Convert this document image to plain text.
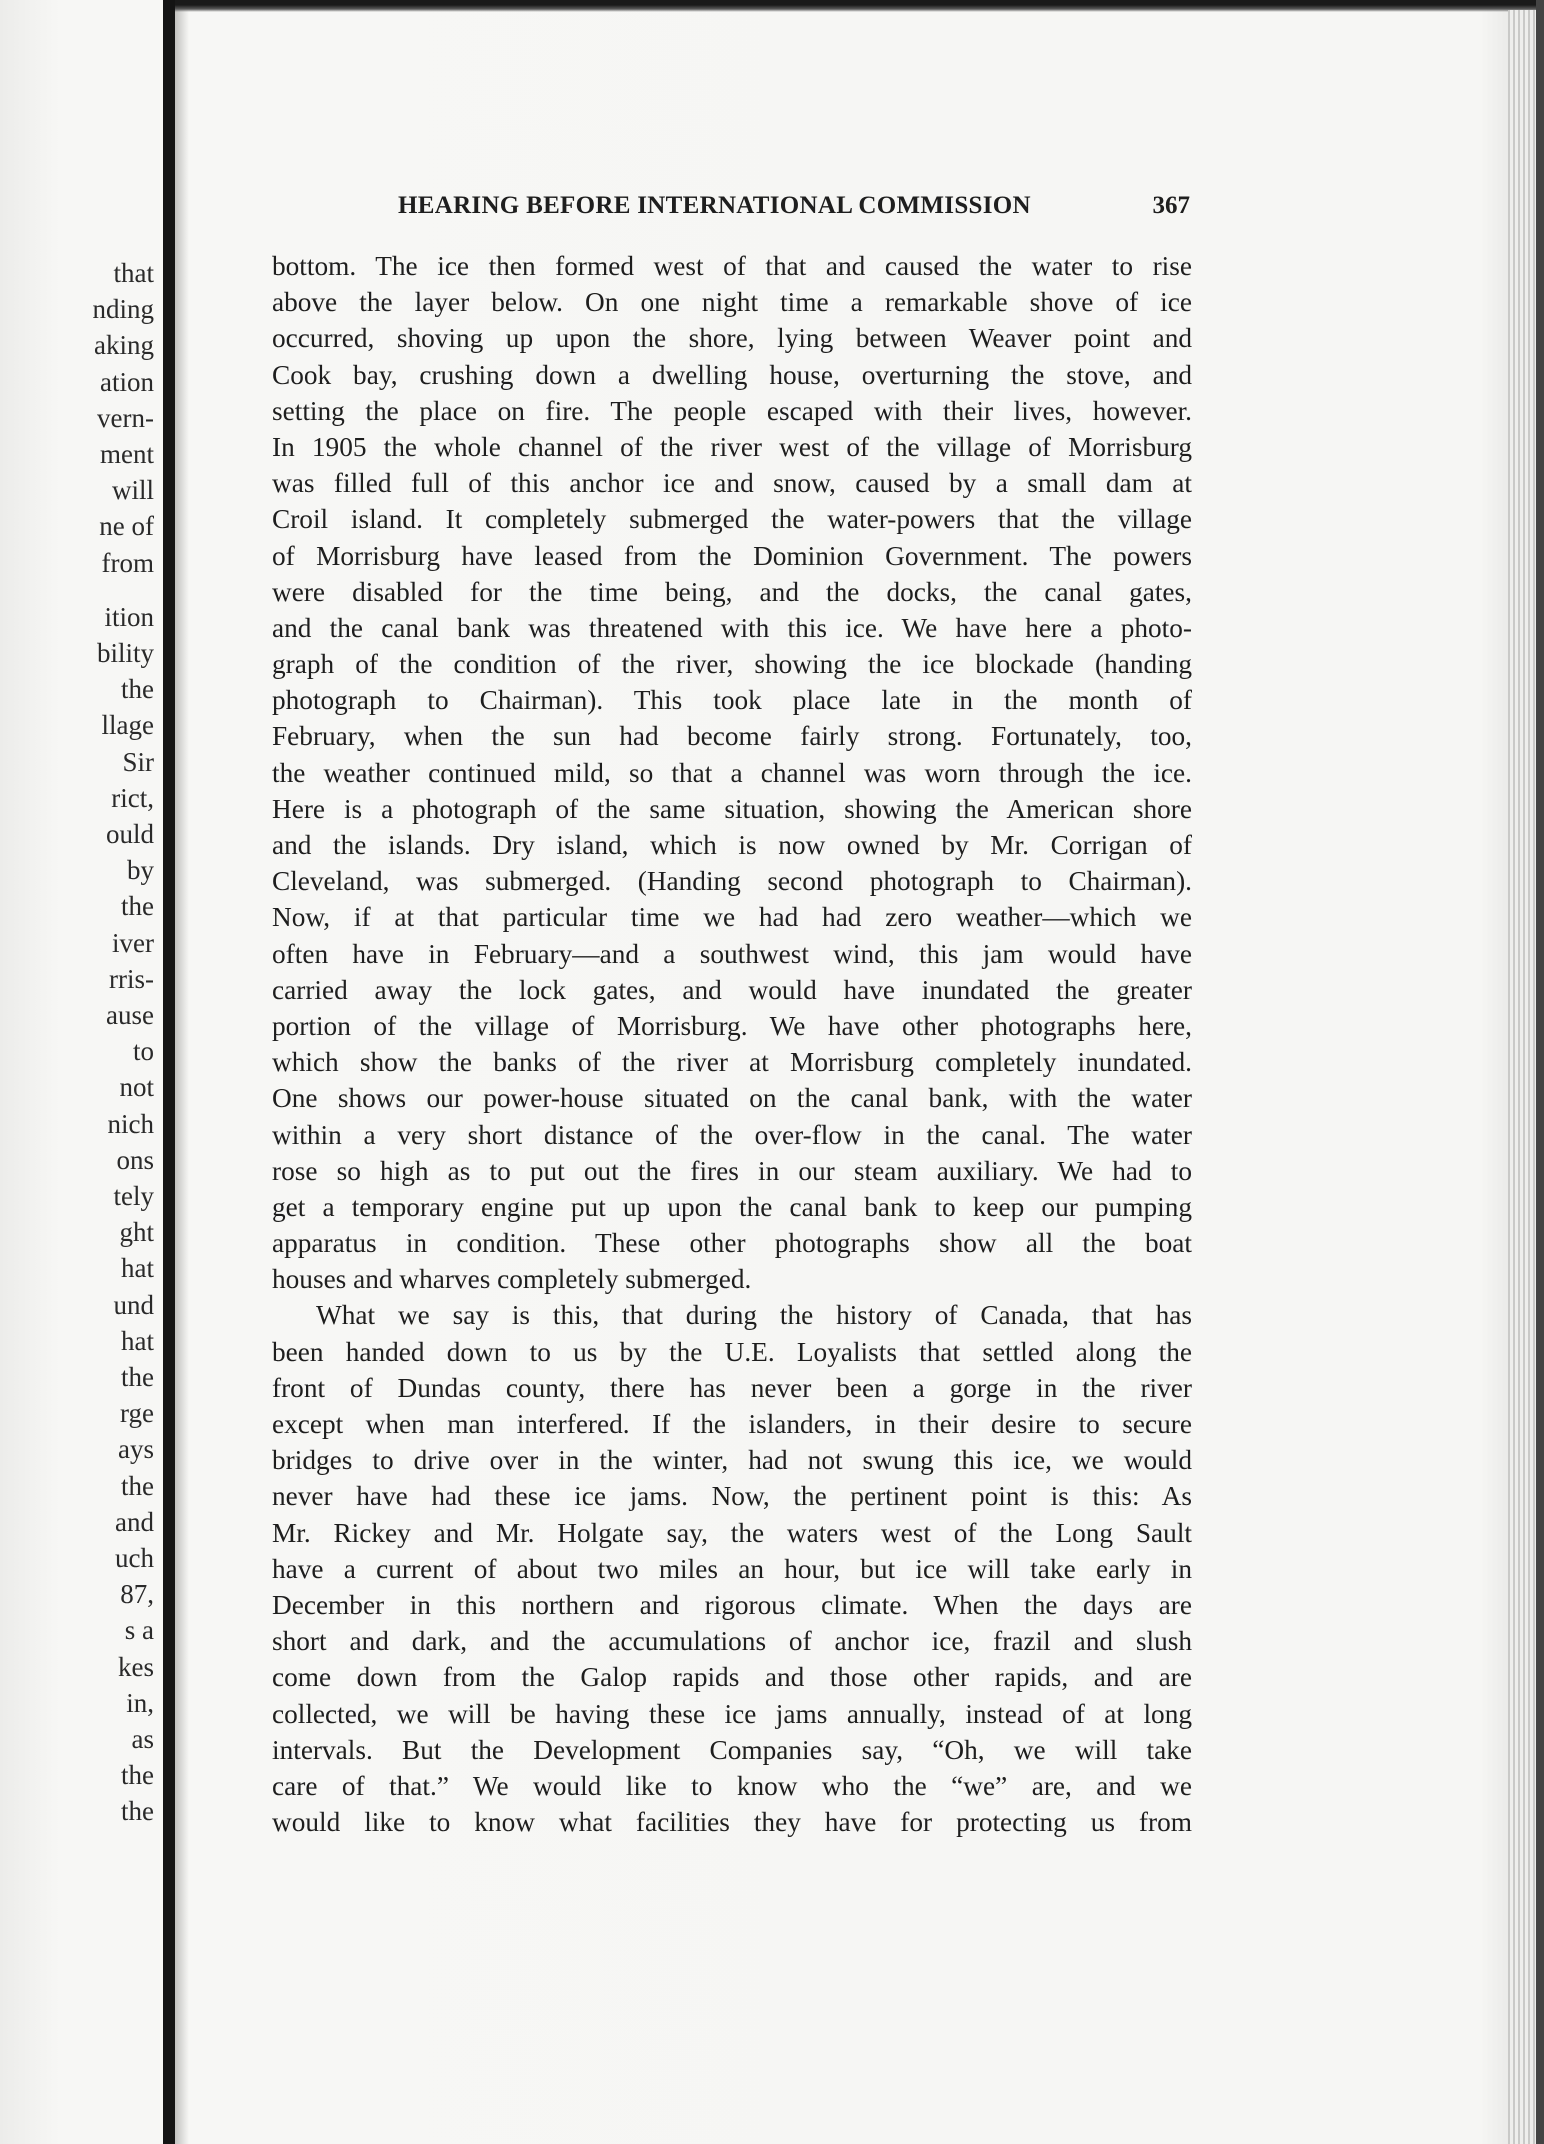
that
nding
aking
ation
vern-
ment
will
ne of
from
ition
bility
the
llage
Sir
rict,
ould
by
the
iver
rris-
ause
to
not
nich
ons
tely
ght
hat
und
hat
the
rge
ays
the
and
uch
87,
s a
kes
in,
as
the
the
HEARING BEFORE INTERNATIONAL COMMISSION	367
bottom. The ice then formed west of that and caused the water to rise
above the layer below. On one night time a remarkable shove of ice
occurred, shoving up upon the shore, lying between Weaver point and
Cook bay, crushing down a dwelling house, overturning the stove, and
setting the place on fire. The people escaped with their lives, however.
In 1905 the whole channel of the river west of the village of Morrisburg
was filled full of this anchor ice and snow, caused by a small dam at
Croil island. It completely submerged the water-powers that the village
of Morrisburg have leased from the Dominion Government. The powers
were disabled for the time being, and the docks, the canal gates,
and the canal bank was threatened with this ice. We have here a photo-
graph of the condition of the river, showing the ice blockade (handing
photograph to Chairman). This took place late in the month of
February, when the sun had become fairly strong. Fortunately, too,
the weather continued mild, so that a channel was worn through the ice.
Here is a photograph of the same situation, showing the American shore
and the islands. Dry island, which is now owned by Mr. Corrigan of
Cleveland, was submerged. (Handing second photograph to Chairman).
Now, if at that particular time we had had zero weather—which we
often have in February—and a southwest wind, this jam would have
carried away the lock gates, and would have inundated the greater
portion of the village of Morrisburg. We have other photographs here,
which show the banks of the river at Morrisburg completely inundated.
One shows our power-house situated on the canal bank, with the water
within a very short distance of the over-flow in the canal. The water
rose so high as to put out the fires in our steam auxiliary. We had to
get a temporary engine put up upon the canal bank to keep our pumping
apparatus in condition. These other photographs show all the boat
houses and wharves completely submerged.
What we say is this, that during the history of Canada, that has
been handed down to us by the U.E. Loyalists that settled along the
front of Dundas county, there has never been a gorge in the river
except when man interfered. If the islanders, in their desire to secure
bridges to drive over in the winter, had not swung this ice, we would
never have had these ice jams. Now, the pertinent point is this: As
Mr. Rickey and Mr. Holgate say, the waters west of the Long Sault
have a current of about two miles an hour, but ice will take early in
December in this northern and rigorous climate. When the days are
short and dark, and the accumulations of anchor ice, frazil and slush
come down from the Galop rapids and those other rapids, and are
collected, we will be having these ice jams annually, instead of at long
intervals. But the Development Companies say, “Oh, we will take
care of that.” We would like to know who the “we” are, and we
would like to know what facilities they have for protecting us from
